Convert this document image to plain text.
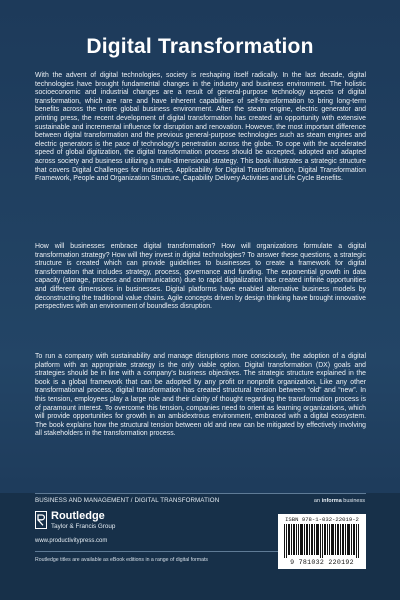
Digital Transformation
With the advent of digital technologies, society is reshaping itself radically. In the last decade, digital technologies have brought fundamental changes in the industry and business environment. The holistic socioeconomic and industrial changes are a result of general-purpose technology aspects of digital transformation, which are rare and have inherent capabilities of self-transformation to bring long-term benefits across the entire global business environment. After the steam engine, electric generator and printing press, the recent development of digital transformation has created an opportunity with extensive sustainable and incremental influence for disruption and renovation. However, the most important difference between digital transformation and the previous general-purpose technologies such as steam engines and electric generators is the pace of technology's penetration across the globe. To cope with the accelerated speed of global digitization, the digital transformation process should be accepted, adopted and adapted across society and business utilizing a multi-dimensional strategy. This book illustrates a strategic structure that covers Digital Challenges for Industries, Applicability for Digital Transformation, Digital Transformation Framework, People and Organization Structure, Capability Delivery Activities and Life Cycle Benefits.
How will businesses embrace digital transformation? How will organizations formulate a digital transformation strategy? How will they invest in digital technologies? To answer these questions, a strategic structure is created which can provide guidelines to businesses to create a framework for digital transformation that includes strategy, process, governance and funding. The exponential growth in data capacity (storage, process and communication) due to rapid digitalization has created infinite opportunities and different dimensions in businesses. Digital platforms have enabled alternative business models by deconstructing the traditional value chains. Agile concepts driven by design thinking have brought innovative perspectives with an environment of boundless disruption.
To run a company with sustainability and manage disruptions more consciously, the adoption of a digital platform with an appropriate strategy is the only viable option. Digital transformation (DX) goals and strategies should be in line with a company's business objectives. The strategic structure explained in the book is a global framework that can be adopted by any profit or nonprofit organization. Like any other transformational process, digital transformation has created structural tension between “old” and “new”. In this tension, employees play a large role and their clarity of thought regarding the transformation process is of paramount interest. To overcome this tension, companies need to orient as learning organizations, which will provide opportunities for growth in an ambidextrous environment, embraced with a digital ecosystem. The book explains how the structural tension between old and new can be mitigated by effectively involving all stakeholders in the transformation process.
BUSINESS AND MANAGEMENT / DIGITAL TRANSFORMATION	an informa business
Routledge
Taylor & Francis Group
www.productivitypress.com
Routledge titles are available as eBook editions in a range of digital formats
ISBN 978-1-032-22019-2
9 781032 220192
